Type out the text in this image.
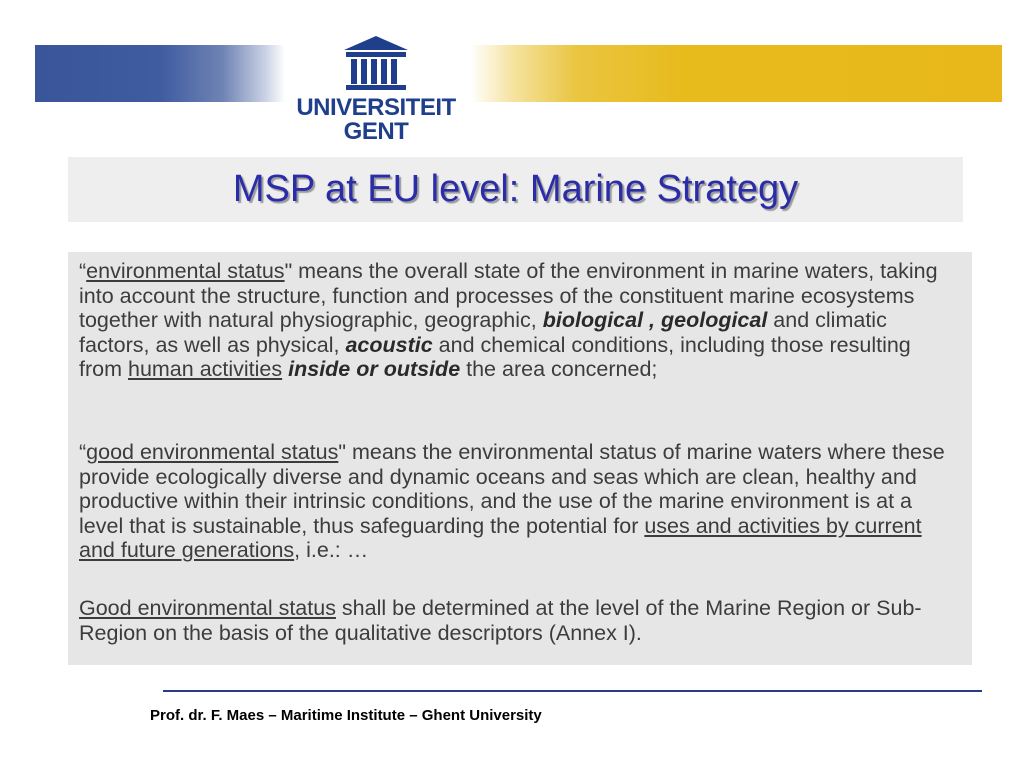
UNIVERSITEIT
GENT
MSP at EU level: Marine Strategy
“environmental status" means the overall state of the environment in marine waters, taking into account the structure, function and processes of the constituent marine ecosystems together with natural physiographic, geographic, biological , geological and climatic factors, as well as physical, acoustic and chemical conditions, including those resulting from human activities inside or outside the area concerned;
“good environmental status" means the environmental status of marine waters where these provide ecologically diverse and dynamic oceans and seas which are clean, healthy and productive within their intrinsic conditions, and the use of the marine environment is at a level that is sustainable, thus safeguarding the potential for uses and activities by current and future generations, i.e.: …
Good environmental status shall be determined at the level of the Marine Region or Sub-Region on the basis of the qualitative descriptors (Annex I).
Prof. dr. F. Maes – Maritime Institute – Ghent University
